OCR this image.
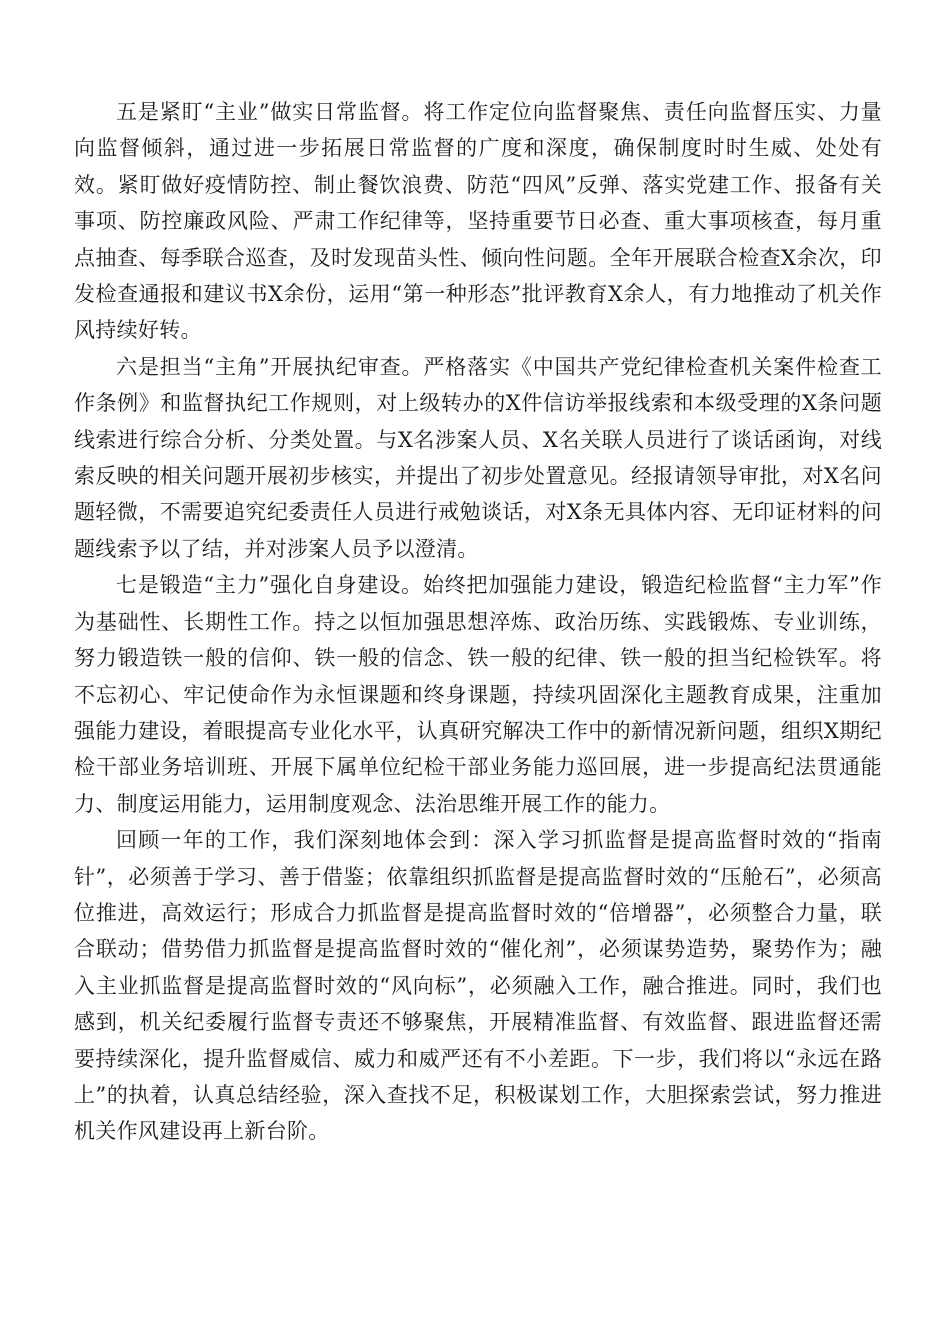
五是紧盯“主业”做实日常监督。将工作定位向监督聚焦、责任向监督压实、力量向监督倾斜，通过进一步拓展日常监督的广度和深度，确保制度时时生威、处处有效。紧盯做好疫情防控、制止餐饮浪费、防范“四风”反弹、落实党建工作、报备有关事项、防控廉政风险、严肃工作纪律等，坚持重要节日必查、重大事项核查，每月重点抽查、每季联合巡查，及时发现苗头性、倾向性问题。全年开展联合检查X余次，印发检查通报和建议书X余份，运用“第一种形态”批评教育X余人，有力地推动了机关作风持续好转。

六是担当“主角”开展执纪审查。严格落实《中国共产党纪律检查机关案件检查工作条例》和监督执纪工作规则，对上级转办的X件信访举报线索和本级受理的X条问题线索进行综合分析、分类处置。与X名涉案人员、X名关联人员进行了谈话函询，对线索反映的相关问题开展初步核实，并提出了初步处置意见。经报请领导审批，对X名问题轻微，不需要追究纪委责任人员进行戒勉谈话，对X条无具体内容、无印证材料的问题线索予以了结，并对涉案人员予以澄清。

七是锻造“主力”强化自身建设。始终把加强能力建设，锻造纪检监督“主力军”作为基础性、长期性工作。持之以恒加强思想淬炼、政治历练、实践锻炼、专业训练，努力锻造铁一般的信仰、铁一般的信念、铁一般的纪律、铁一般的担当纪检铁军。将不忘初心、牢记使命作为永恒课题和终身课题，持续巩固深化主题教育成果，注重加强能力建设，着眼提高专业化水平，认真研究解决工作中的新情况新问题，组织X期纪检干部业务培训班、开展下属单位纪检干部业务能力巡回展，进一步提高纪法贯通能力、制度运用能力，运用制度观念、法治思维开展工作的能力。

回顾一年的工作，我们深刻地体会到：深入学习抓监督是提高监督时效的“指南针”，必须善于学习、善于借鉴；依靠组织抓监督是提高监督时效的“压舱石”，必须高位推进，高效运行；形成合力抓监督是提高监督时效的“倍增器”，必须整合力量，联合联动；借势借力抓监督是提高监督时效的“催化剂”，必须谋势造势，聚势作为；融入主业抓监督是提高监督时效的“风向标”，必须融入工作，融合推进。同时，我们也感到，机关纪委履行监督专责还不够聚焦，开展精准监督、有效监督、跟进监督还需要持续深化，提升监督威信、威力和威严还有不小差距。下一步，我们将以“永远在路上”的执着，认真总结经验，深入查找不足，积极谋划工作，大胆探索尝试，努力推进机关作风建设再上新台阶。
